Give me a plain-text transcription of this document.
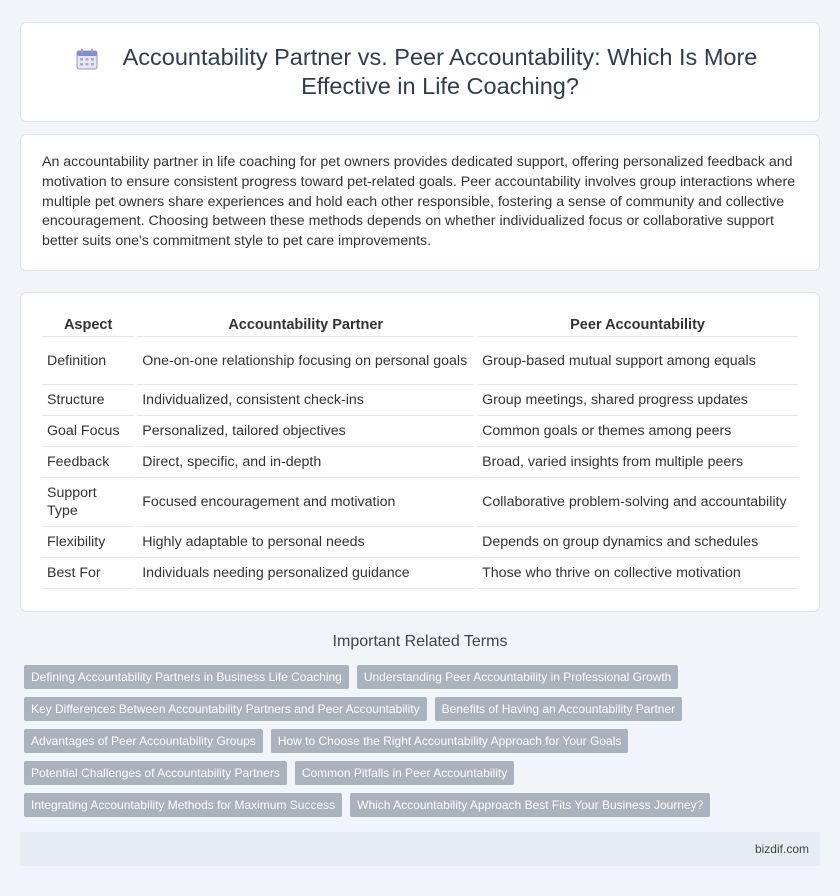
Accountability Partner vs. Peer Accountability: Which Is More Effective in Life Coaching?

An accountability partner in life coaching for pet owners provides dedicated support, offering personalized feedback and motivation to ensure consistent progress toward pet-related goals. Peer accountability involves group interactions where multiple pet owners share experiences and hold each other responsible, fostering a sense of community and collective encouragement. Choosing between these methods depends on whether individualized focus or collaborative support better suits one's commitment style to pet care improvements.

Aspect	Accountability Partner	Peer Accountability
Definition	One-on-one relationship focusing on personal goals	Group-based mutual support among equals
Structure	Individualized, consistent check-ins	Group meetings, shared progress updates
Goal Focus	Personalized, tailored objectives	Common goals or themes among peers
Feedback	Direct, specific, and in-depth	Broad, varied insights from multiple peers
Support Type	Focused encouragement and motivation	Collaborative problem-solving and accountability
Flexibility	Highly adaptable to personal needs	Depends on group dynamics and schedules
Best For	Individuals needing personalized guidance	Those who thrive on collective motivation
Important Related Terms
Defining Accountability Partners in Business Life Coaching	Understanding Peer Accountability in Professional Growth
Key Differences Between Accountability Partners and Peer Accountability	Benefits of Having an Accountability Partner
Advantages of Peer Accountability Groups	How to Choose the Right Accountability Approach for Your Goals
Potential Challenges of Accountability Partners	Common Pitfalls in Peer Accountability
Integrating Accountability Methods for Maximum Success	Which Accountability Approach Best Fits Your Business Journey?
bizdif.com
